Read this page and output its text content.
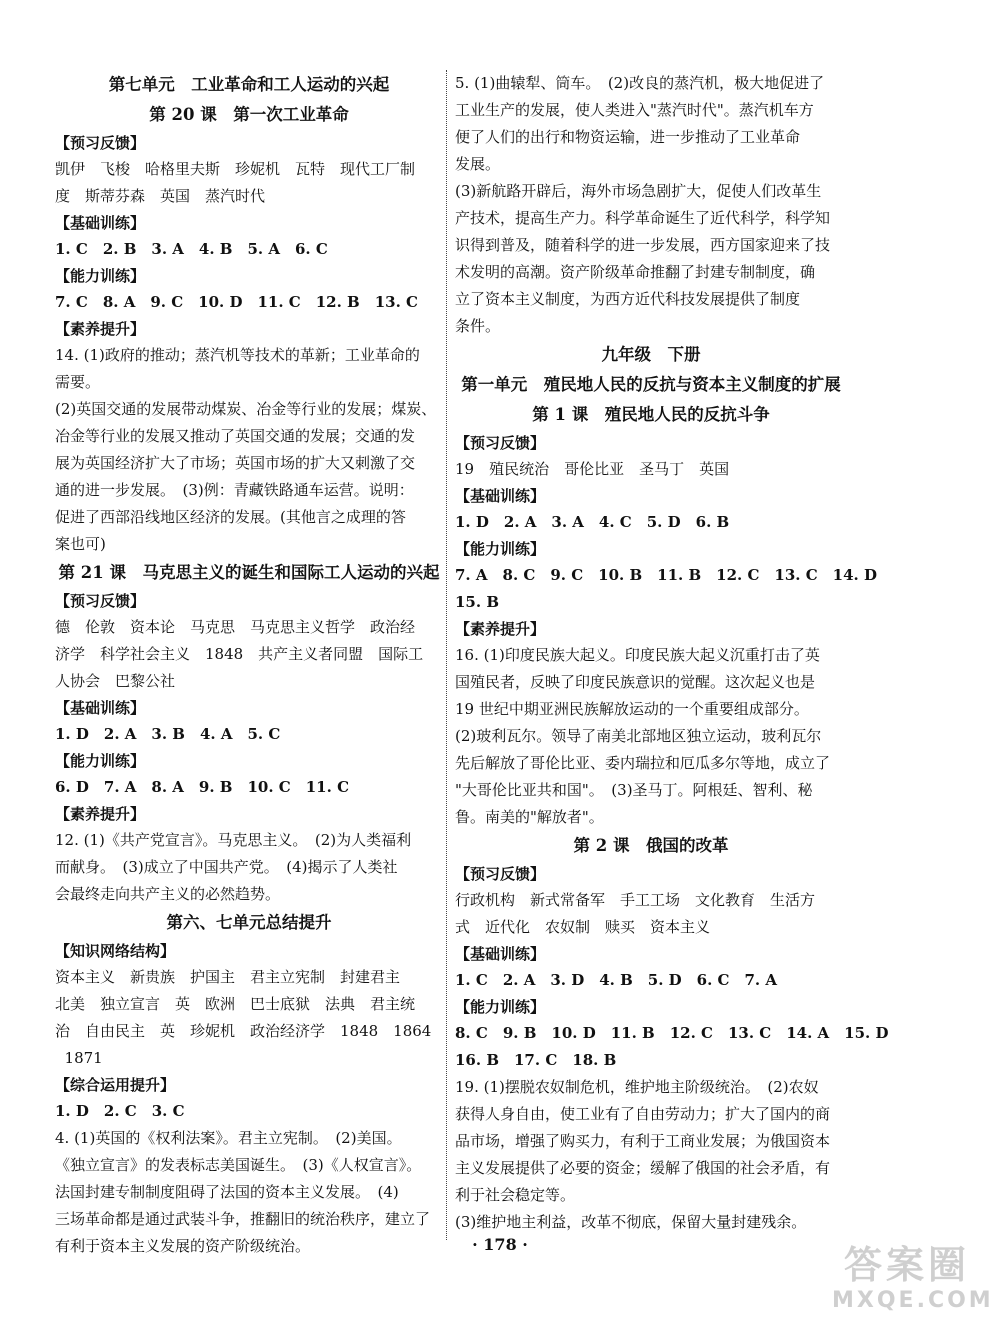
第七单元　工业革命和工人运动的兴起
第 20 课　第一次工业革命
【预习反馈】
凯伊　飞梭　哈格里夫斯　珍妮机　瓦特　现代工厂制
度　斯蒂芬森　英国　蒸汽时代
【基础训练】
1. C　2. B　3. A　4. B　5. A　6. C
【能力训练】
7. C　8. A　9. C　10. D　11. C　12. B　13. C
【素养提升】
14. (1)政府的推动；蒸汽机等技术的革新；工业革命的
需要。
(2)英国交通的发展带动煤炭、冶金等行业的发展；煤炭、
冶金等行业的发展又推动了英国交通的发展；交通的发
展为英国经济扩大了市场；英国市场的扩大又刺激了交
通的进一步发展。　(3)例：青藏铁路通车运营。说明：
促进了西部沿线地区经济的发展。(其他言之成理的答
案也可)
第 21 课　马克思主义的诞生和国际工人运动的兴起
【预习反馈】
德　伦敦　资本论　马克思　马克思主义哲学　政治经
济学　科学社会主义　1848　共产主义者同盟　国际工
人协会　巴黎公社
【基础训练】
1. D　2. A　3. B　4. A　5. C
【能力训练】
6. D　7. A　8. A　9. B　10. C　11. C
【素养提升】
12. (1)《共产党宣言》。马克思主义。　(2)为人类福利
而献身。　(3)成立了中国共产党。　(4)揭示了人类社
会最终走向共产主义的必然趋势。
第六、七单元总结提升
【知识网络结构】
资本主义　新贵族　护国主　君主立宪制　封建君主
北美　独立宣言　英　欧洲　巴士底狱　法典　君主统
治　自由民主　英　珍妮机　政治经济学　1848　1864
1871
【综合运用提升】
1. D　2. C　3. C
4. (1)英国的《权利法案》。君主立宪制。　(2)美国。
《独立宣言》的发表标志美国诞生。　(3)《人权宣言》。
法国封建专制制度阻碍了法国的资本主义发展。　(4)
三场革命都是通过武装斗争，推翻旧的统治秩序，建立了
有利于资本主义发展的资产阶级统治。
5. (1)曲辕犁、筒车。　(2)改良的蒸汽机，极大地促进了
工业生产的发展，使人类进入"蒸汽时代"。蒸汽机车方
便了人们的出行和物资运输，进一步推动了工业革命
发展。
(3)新航路开辟后，海外市场急剧扩大，促使人们改革生
产技术，提高生产力。科学革命诞生了近代科学，科学知
识得到普及，随着科学的进一步发展，西方国家迎来了技
术发明的高潮。资产阶级革命推翻了封建专制制度，确
立了资本主义制度，为西方近代科技发展提供了制度
条件。
九年级　下册
第一单元　殖民地人民的反抗与资本主义制度的扩展
第 1 课　殖民地人民的反抗斗争
【预习反馈】
19　殖民统治　哥伦比亚　圣马丁　英国
【基础训练】
1. D　2. A　3. A　4. C　5. D　6. B
【能力训练】
7. A　8. C　9. C　10. B　11. B　12. C　13. C　14. D
15. B
【素养提升】
16. (1)印度民族大起义。印度民族大起义沉重打击了英
国殖民者，反映了印度民族意识的觉醒。这次起义也是
19 世纪中期亚洲民族解放运动的一个重要组成部分。
(2)玻利瓦尔。领导了南美北部地区独立运动，玻利瓦尔
先后解放了哥伦比亚、委内瑞拉和厄瓜多尔等地，成立了
"大哥伦比亚共和国"。　(3)圣马丁。阿根廷、智利、秘
鲁。南美的"解放者"。
第 2 课　俄国的改革
【预习反馈】
行政机构　新式常备军　手工工场　文化教育　生活方
式　近代化　农奴制　赎买　资本主义
【基础训练】
1. C　2. A　3. D　4. B　5. D　6. C　7. A
【能力训练】
8. C　9. B　10. D　11. B　12. C　13. C　14. A　15. D
16. B　17. C　18. B
19. (1)摆脱农奴制危机，维护地主阶级统治。　(2)农奴
获得人身自由，使工业有了自由劳动力；扩大了国内的商
品市场，增强了购买力，有利于工商业发展；为俄国资本
主义发展提供了必要的资金；缓解了俄国的社会矛盾，有
利于社会稳定等。
(3)维护地主利益，改革不彻底，保留大量封建残余。
· 178 ·	答案圈
MXQE.COM
